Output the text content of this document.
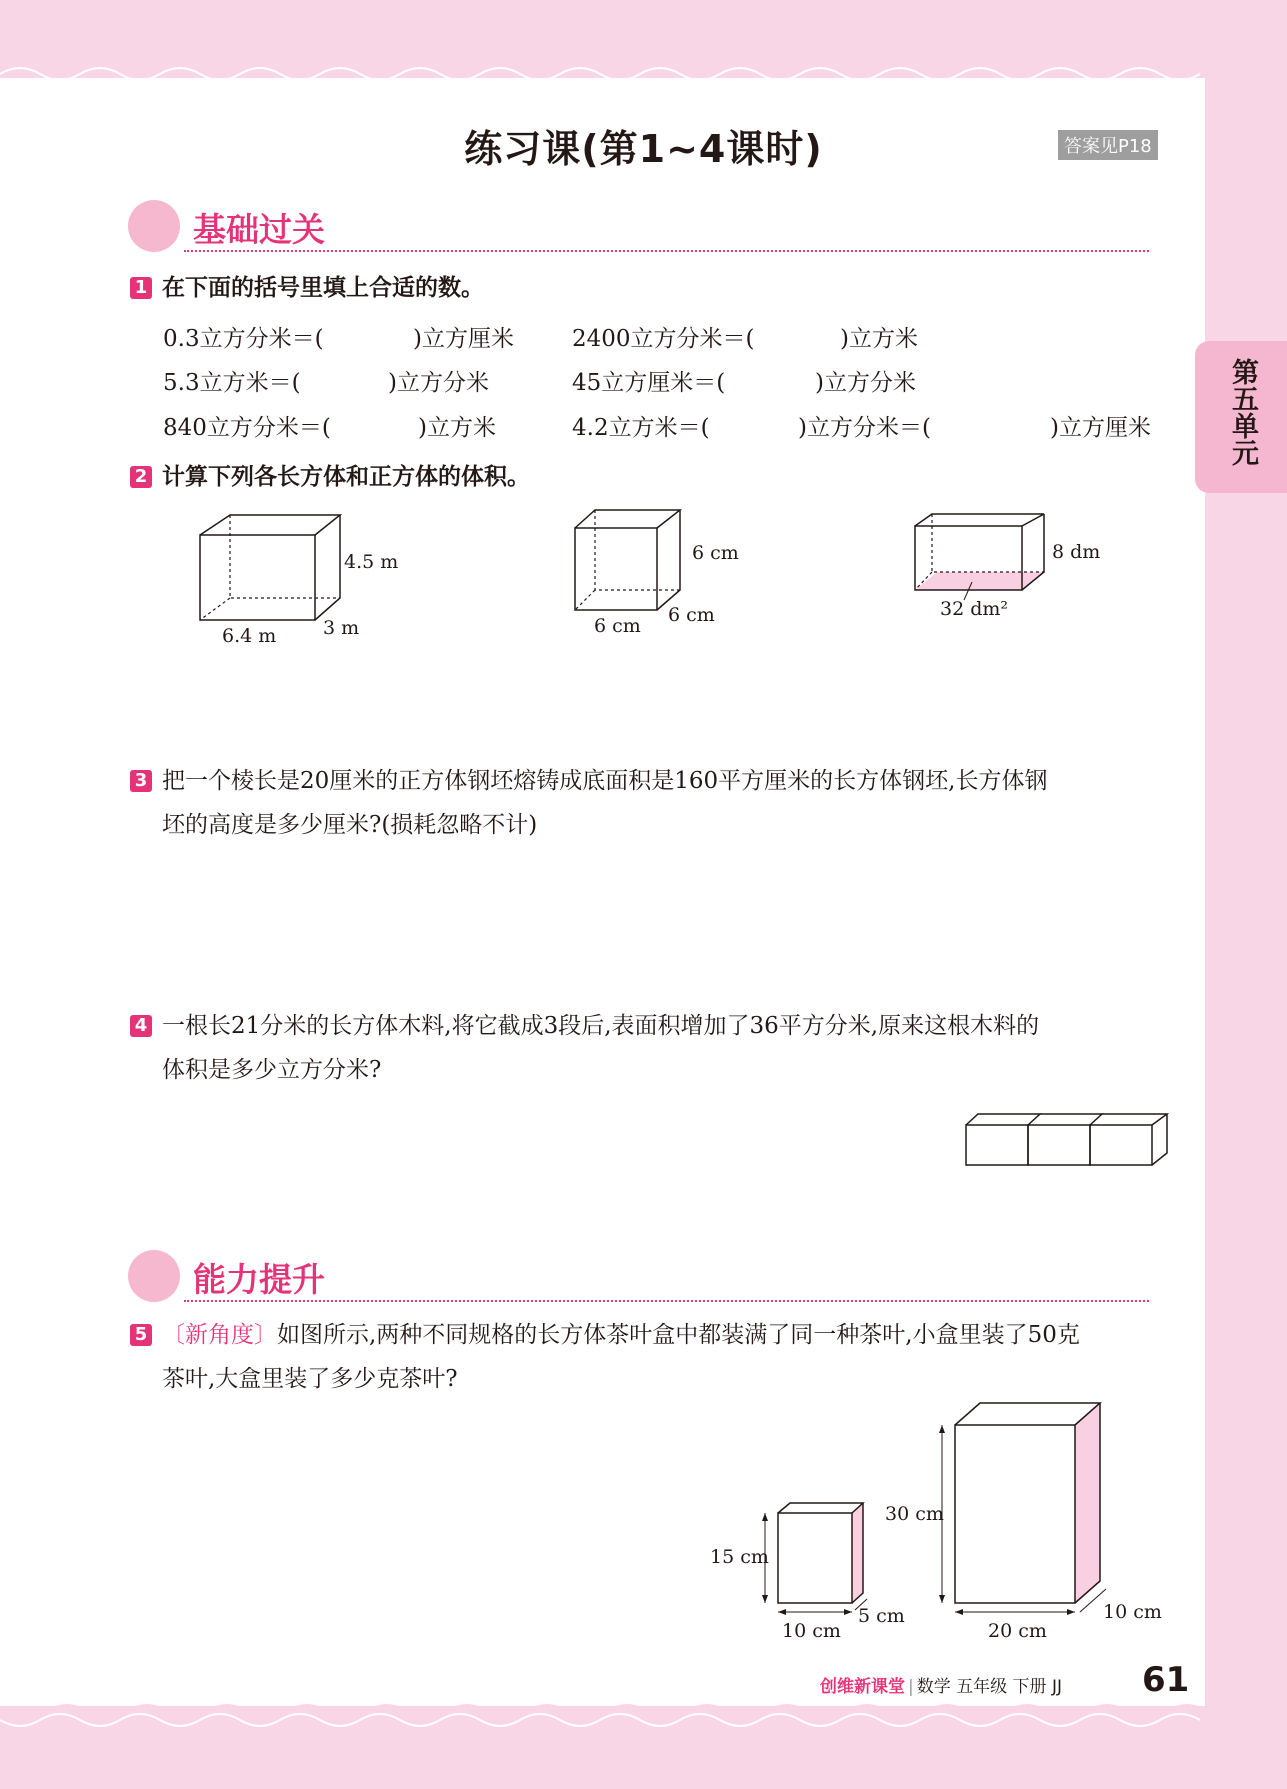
练习课(第1~4课时)	答案见P18
第五单元
基础过关
1 在下面的括号里填上合适的数。
0.3立方分米＝(	)立方厘米	2400立方分米＝(	)立方米
5.3立方米＝(	)立方分米	45立方厘米＝(	)立方分米
840立方分米＝(	)立方米	4.2立方米＝(	)立方分米＝(	)立方厘米
2 计算下列各长方体和正方体的体积。
4.5 m
6.4 m 3 m
6 cm
6 cm 6 cm
8 dm
32 dm²
3 把一个棱长是20厘米的正方体钢坯熔铸成底面积是160平方厘米的长方体钢坯,长方体钢
坯的高度是多少厘米?(损耗忽略不计)
4 一根长21分米的长方体木料,将它截成3段后,表面积增加了36平方分米,原来这根木料的
体积是多少立方分米?
能力提升
5 〔新角度〕如图所示,两种不同规格的长方体茶叶盒中都装满了同一种茶叶,小盒里装了50克
茶叶,大盒里装了多少克茶叶?
15 cm
10 cm
5 cm
30 cm
20 cm
10 cm
创维新课堂 | 数学 五年级 下册 JJ 61
